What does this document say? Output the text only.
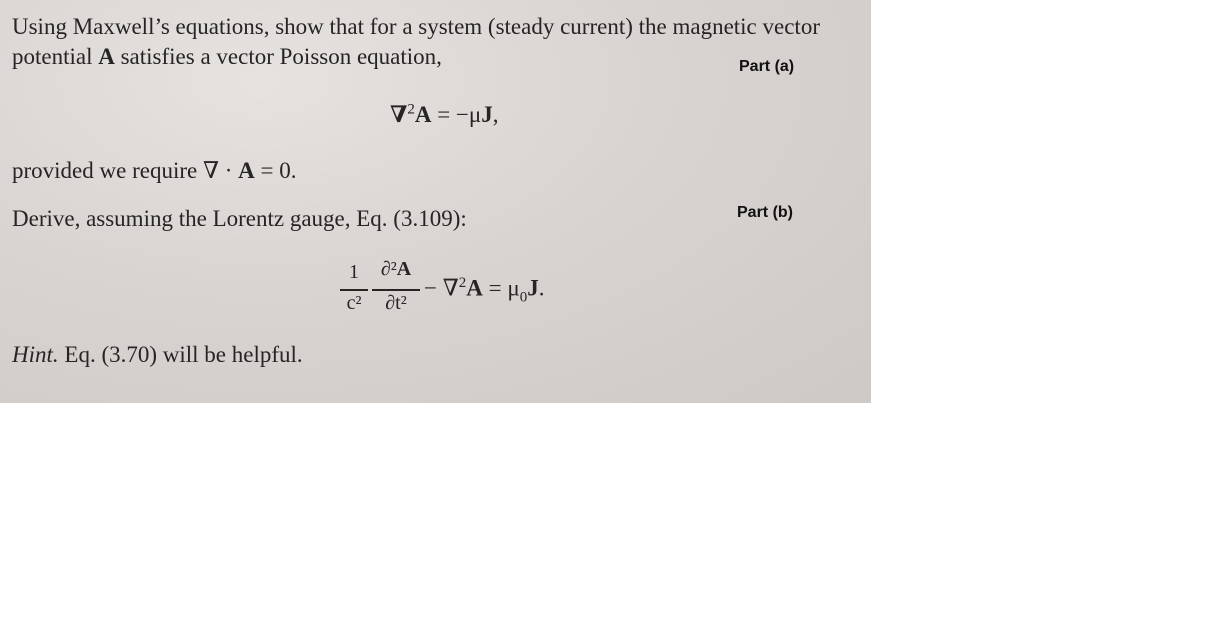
Using Maxwell’s equations, show that for a system (steady current) the magnetic vector
potential A satisfies a vector Poisson equation,	Part (a)
∇$^2$A = −μJ,
provided we require ∇ · A = 0.
Derive, assuming the Lorentz gauge, Eq. (3.109):	Part (b)
1
c²
∂²A
∂t²
− $\nabla^2A = \mu_0J$.
Hint. Eq. (3.70) will be helpful.
